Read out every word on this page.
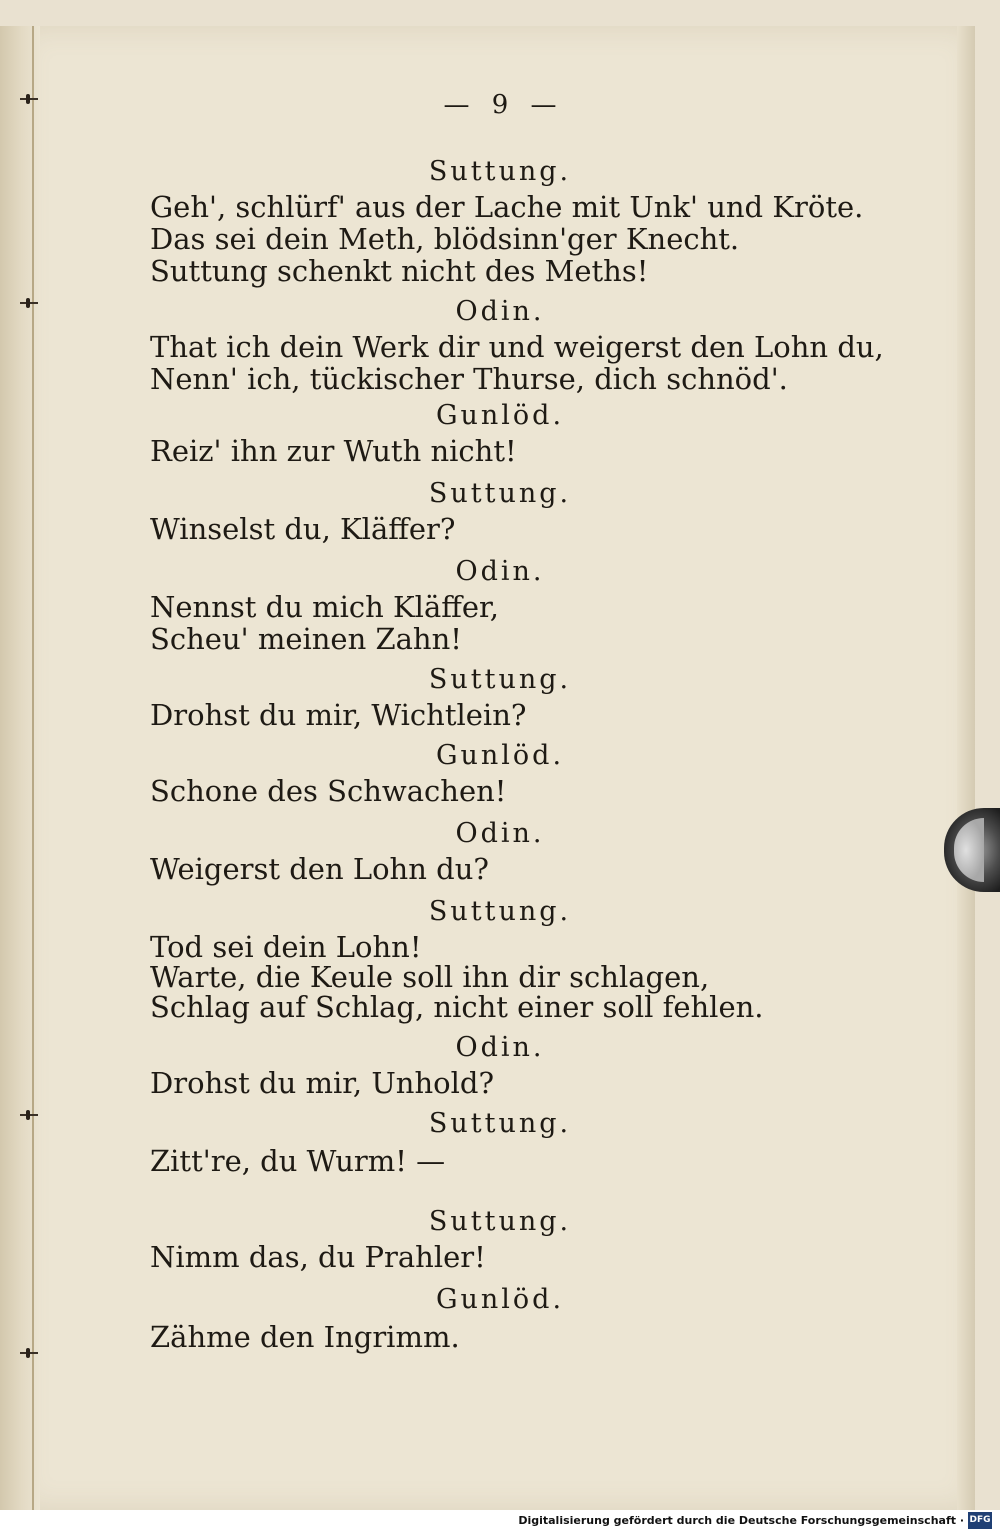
— 9 —
Suttung.
Geh', schlürf' aus der Lache mit Unk' und Kröte.
Das sei dein Meth, blödsinn'ger Knecht.
Suttung schenkt nicht des Meths!
Odin.
That ich dein Werk dir und weigerst den Lohn du,
Nenn' ich, tückischer Thurse, dich schnöd'.
Gunlöd.
Reiz' ihn zur Wuth nicht!
Suttung.
Winselst du, Kläffer?
Odin.
Nennst du mich Kläffer,
Scheu' meinen Zahn!
Suttung.
Drohst du mir, Wichtlein?
Gunlöd.
Schone des Schwachen!
Odin.
Weigerst den Lohn du?
Suttung.
Tod sei dein Lohn!
Warte, die Keule soll ihn dir schlagen,
Schlag auf Schlag, nicht einer soll fehlen.
Odin.
Drohst du mir, Unhold?
Suttung.
Zitt're, du Wurm! —
Suttung.
Nimm das, du Prahler!
Gunlöd.
Zähme den Ingrimm.
Digitalisierung gefördert durch die Deutsche Forschungsgemeinschaft · DFG
